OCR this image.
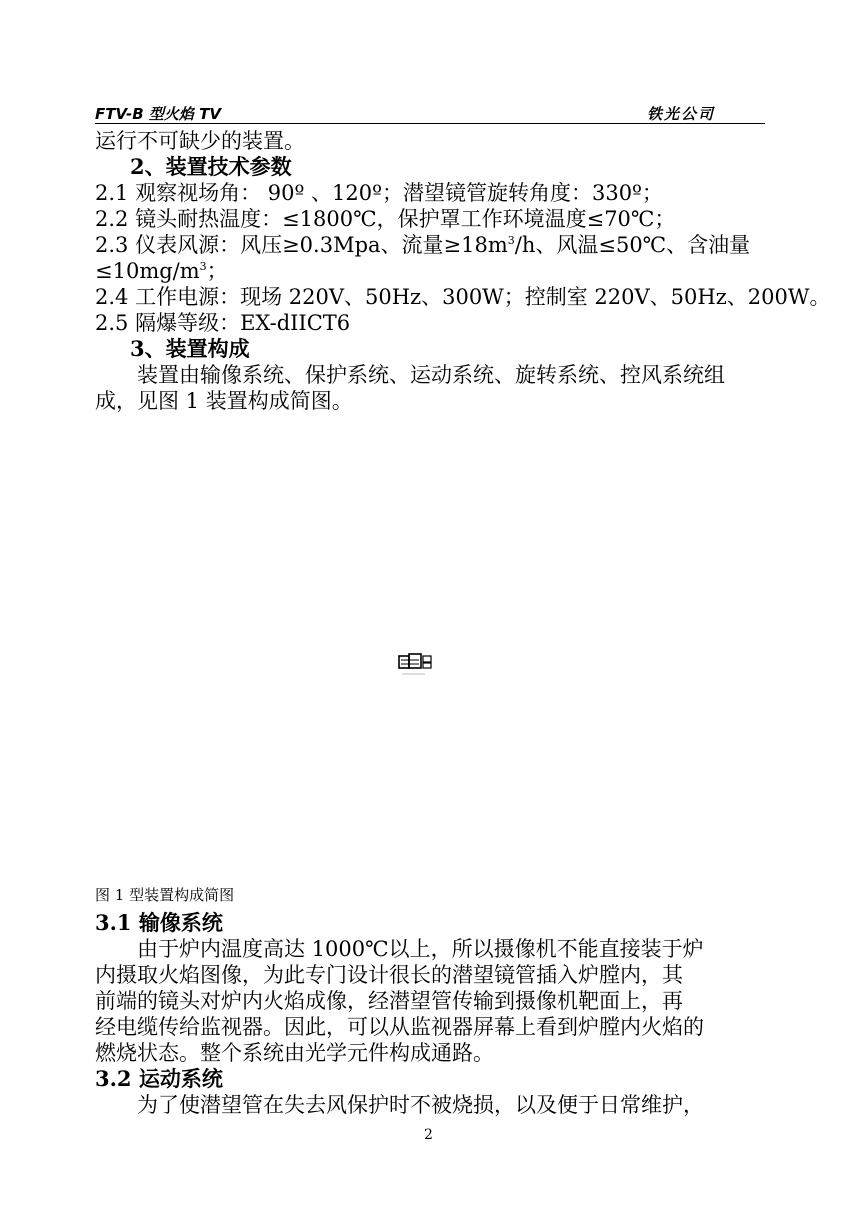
FTV-B 型火焰 TV	铁光公司
运行不可缺少的装置。
2、装置技术参数
2.1 观察视场角： 90º 、120º；潜望镜管旋转角度：330º；
2.2 镜头耐热温度：≤1800℃，保护罩工作环境温度≤70℃；
2.3 仪表风源：风压≥0.3Mpa、流量$\ge 18m^3/h$、风温≤50℃、含油量
$\le 10mg/m^3$；
2.4 工作电源：现场 220V、50Hz、300W；控制室 220V、50Hz、200W。
2.5 隔爆等级：EX-dIICT6
3、装置构成
装置由输像系统、保护系统、运动系统、旋转系统、控风系统组
成，见图 1 装置构成简图。
图 1 型装置构成简图
3.1 输像系统
由于炉内温度高达 1000℃以上，所以摄像机不能直接装于炉
内摄取火焰图像，为此专门设计很长的潜望镜管插入炉膛内，其
前端的镜头对炉内火焰成像，经潜望管传输到摄像机靶面上，再
经电缆传给监视器。因此，可以从监视器屏幕上看到炉膛内火焰的
燃烧状态。整个系统由光学元件构成通路。
3.2 运动系统
为了使潜望管在失去风保护时不被烧损，以及便于日常维护，
2
